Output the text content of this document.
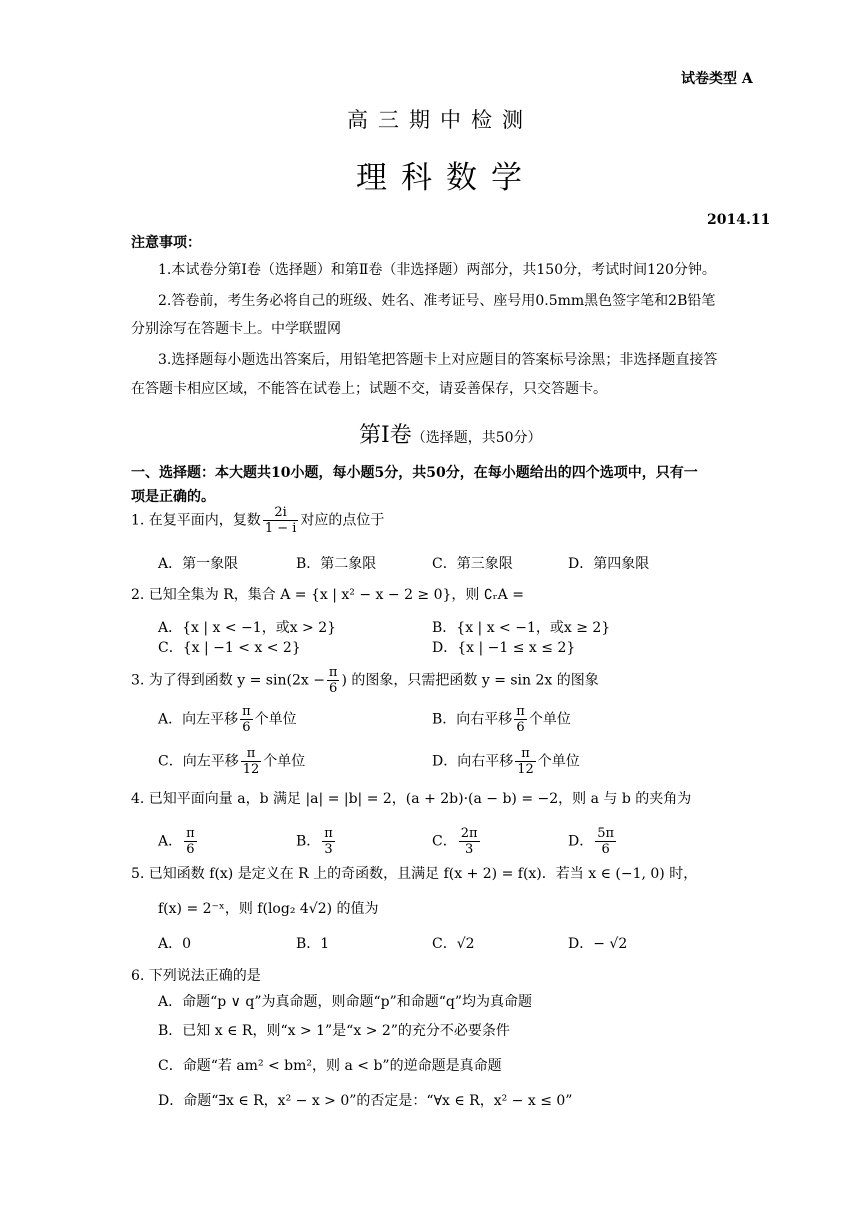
试卷类型 A
高三期中检测
理科数学
2014.11
注意事项：
1.本试卷分第Ⅰ卷（选择题）和第Ⅱ卷（非选择题）两部分，共150分，考试时间120分钟。
2.答卷前，考生务必将自己的班级、姓名、准考证号、座号用0.5mm黑色签字笔和2B铅笔
分别涂写在答题卡上。中学联盟网
3.选择题每小题选出答案后，用铅笔把答题卡上对应题目的答案标号涂黑；非选择题直接答
在答题卡相应区域，不能答在试卷上；试题不交，请妥善保存，只交答题卡。
第Ⅰ卷（选择题，共50分）
一、选择题：本大题共10小题，每小题5分，共50分，在每小题给出的四个选项中，只有一
项是正确的。
1. 在复平面内，复数 $\frac{2i}{1 - i}$ 对应的点位于
A．第一象限	B．第二象限	C．第三象限	D．第四象限
2. 已知全集为 R，集合 A = {x | x² − x − 2 ≥ 0}，则 ∁ᵣA =
A．{x | x < −1，或x > 2}	B．{x | x < −1，或x ≥ 2}
C．{x | −1 < x < 2}	D．{x | −1 ≤ x ≤ 2}
3. 为了得到函数 $y = \sin(2x - \frac{\pi}{6}$ ) 的图象，只需把函数 y = sin 2x 的图象
A．向左平移 $\frac{\pi}{6}$ 个单位	B．向右平移 $\frac{\pi}{6}$ 个单位
C．向左平移 $\frac{\pi}{12}$ 个单位	D．向右平移 $\frac{\pi}{12}$ 个单位
4. 已知平面向量 a，b 满足 |a| = |b| = 2，(a + 2b)·(a − b) = −2，则 a 与 b 的夹角为
A． $\frac{\pi}{6}$	B． $\frac{\pi}{3}$	C． $\frac{2\pi}{3}$	D． $\frac{5\pi}{6}$
5. 已知函数 f(x) 是定义在 R 上的奇函数，且满足 f(x + 2) = f(x)．若当 x ∈ (−1, 0) 时，
f(x) = 2⁻ˣ，则 f(log₂ 4√2) 的值为
A．0	B．1	C．√2	D．− √2
6. 下列说法正确的是
A．命题“p ∨ q”为真命题，则命题“p”和命题“q”均为真命题
B．已知 x ∈ R，则“x > 1”是“x > 2”的充分不必要条件
C．命题“若 am² < bm²，则 a < b”的逆命题是真命题
D．命题“∃x ∈ R，x² − x > 0”的否定是：“∀x ∈ R，x² − x ≤ 0”
